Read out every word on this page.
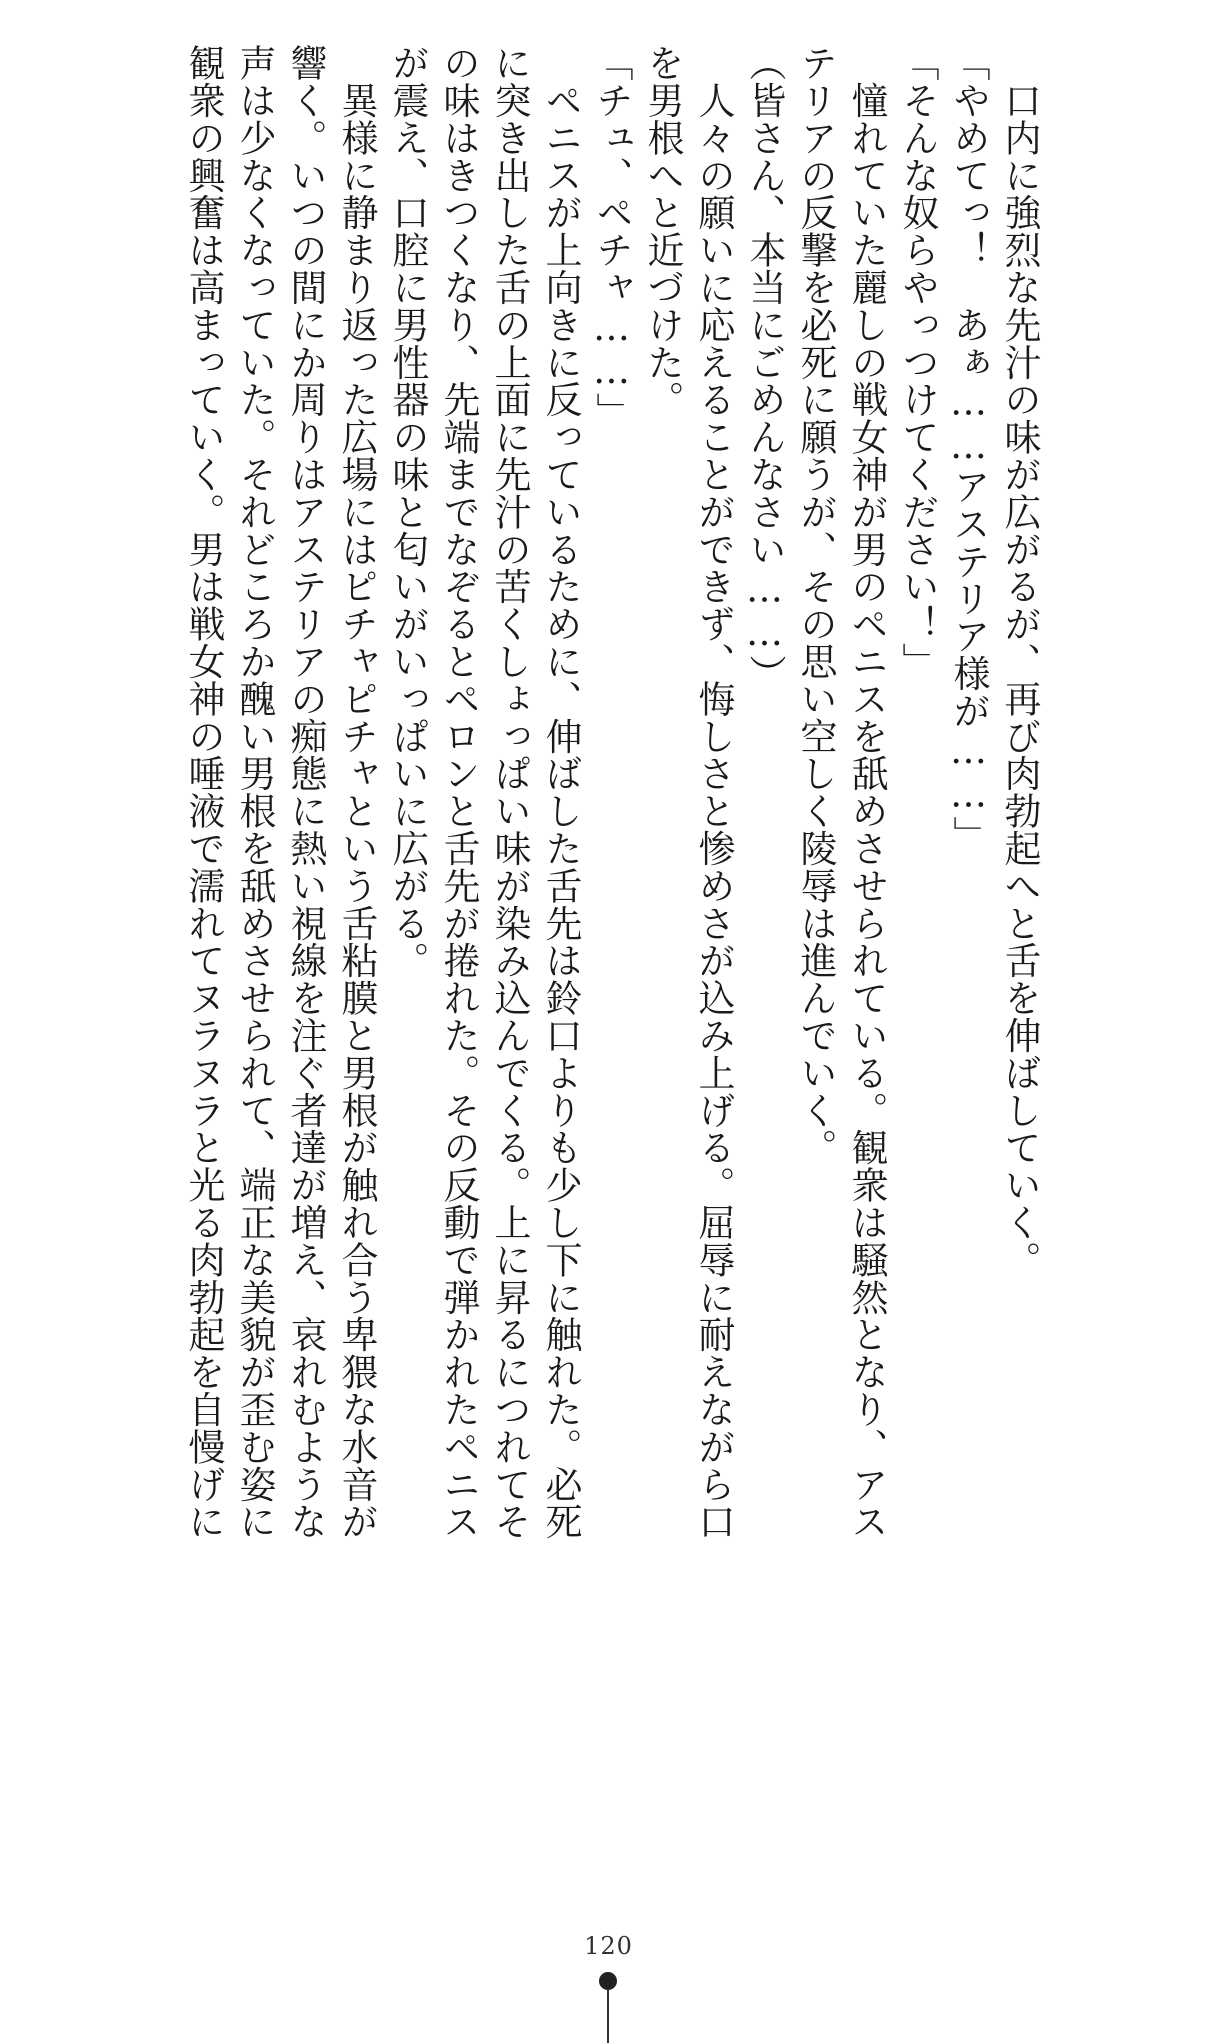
　口内に強烈な先汁の味が広がるが、再び肉勃起へと舌を伸ばしていく。
「やめてっ！　あぁ……アステリア様が……」
「そんな奴らやっつけてください！」
　憧れていた麗しの戦女神が男のペニスを舐めさせられている。観衆は騒然となり、アス
テリアの反撃を必死に願うが、その思い空しく陵辱は進んでいく。
（皆さん、本当にごめんなさい……）
　人々の願いに応えることができず、悔しさと惨めさが込み上げる。屈辱に耐えながら口
を男根へと近づけた。
「チュ、ペチャ……」
　ペニスが上向きに反っているために、伸ばした舌先は鈴口よりも少し下に触れた。必死
に突き出した舌の上面に先汁の苦くしょっぱい味が染み込んでくる。上に昇るにつれてそ
の味はきつくなり、先端までなぞるとペロンと舌先が捲れた。その反動で弾かれたペニス
が震え、口腔に男性器の味と匂いがいっぱいに広がる。
　異様に静まり返った広場にはピチャピチャという舌粘膜と男根が触れ合う卑猥な水音が
響く。いつの間にか周りはアステリアの痴態に熱い視線を注ぐ者達が増え、哀れむような
声は少なくなっていた。それどころか醜い男根を舐めさせられて、端正な美貌が歪む姿に
観衆の興奮は高まっていく。男は戦女神の唾液で濡れてヌラヌラと光る肉勃起を自慢げに
120
